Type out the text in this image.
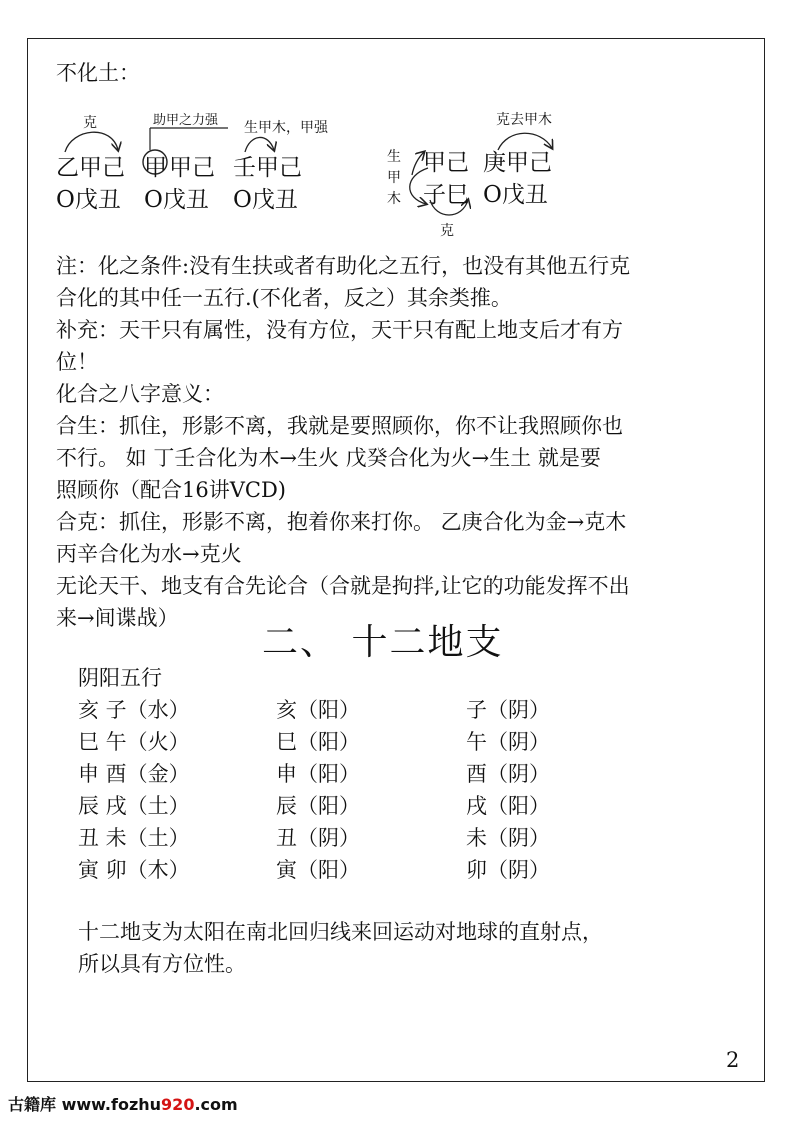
不化土：
克
乙甲己
O戊丑
助甲之力强
甲 甲己
O戊丑
生甲木，甲强
壬甲己
O戊丑
生
甲
木
甲己
子巳
克
克去甲木
庚甲己
O戊丑
注：化之条件:没有生扶或者有助化之五行，也没有其他五行克
合化的其中任一五行.(不化者，反之）其余类推。
补充：天干只有属性，没有方位，天干只有配上地支后才有方
位！
化合之八字意义：
合生：抓住，形影不离，我就是要照顾你，你不让我照顾你也
不行。 如 丁壬合化为木→生火 戊癸合化为火→生土 就是要
照顾你（配合16讲VCD)
合克：抓住，形影不离，抱着你来打你。 乙庚合化为金→克木
丙辛合化为水→克火
无论天干、地支有合先论合（合就是拘拌,让它的功能发挥不出
来→间谍战）
二、 十二地支
阴阳五行
亥 子（水）	亥（阳）	子（阴）
巳 午（火）	巳（阳）	午（阴）
申 酉（金）	申（阳）	酉（阴）
辰 戌（土）	辰（阳）	戌（阳）
丑 未（土）	丑（阴）	未（阴）
寅 卯（木）	寅（阳）	卯（阴）
十二地支为太阳在南北回归线来回运动对地球的直射点，
所以具有方位性。
2
古籍库 www.fozhu920.com
